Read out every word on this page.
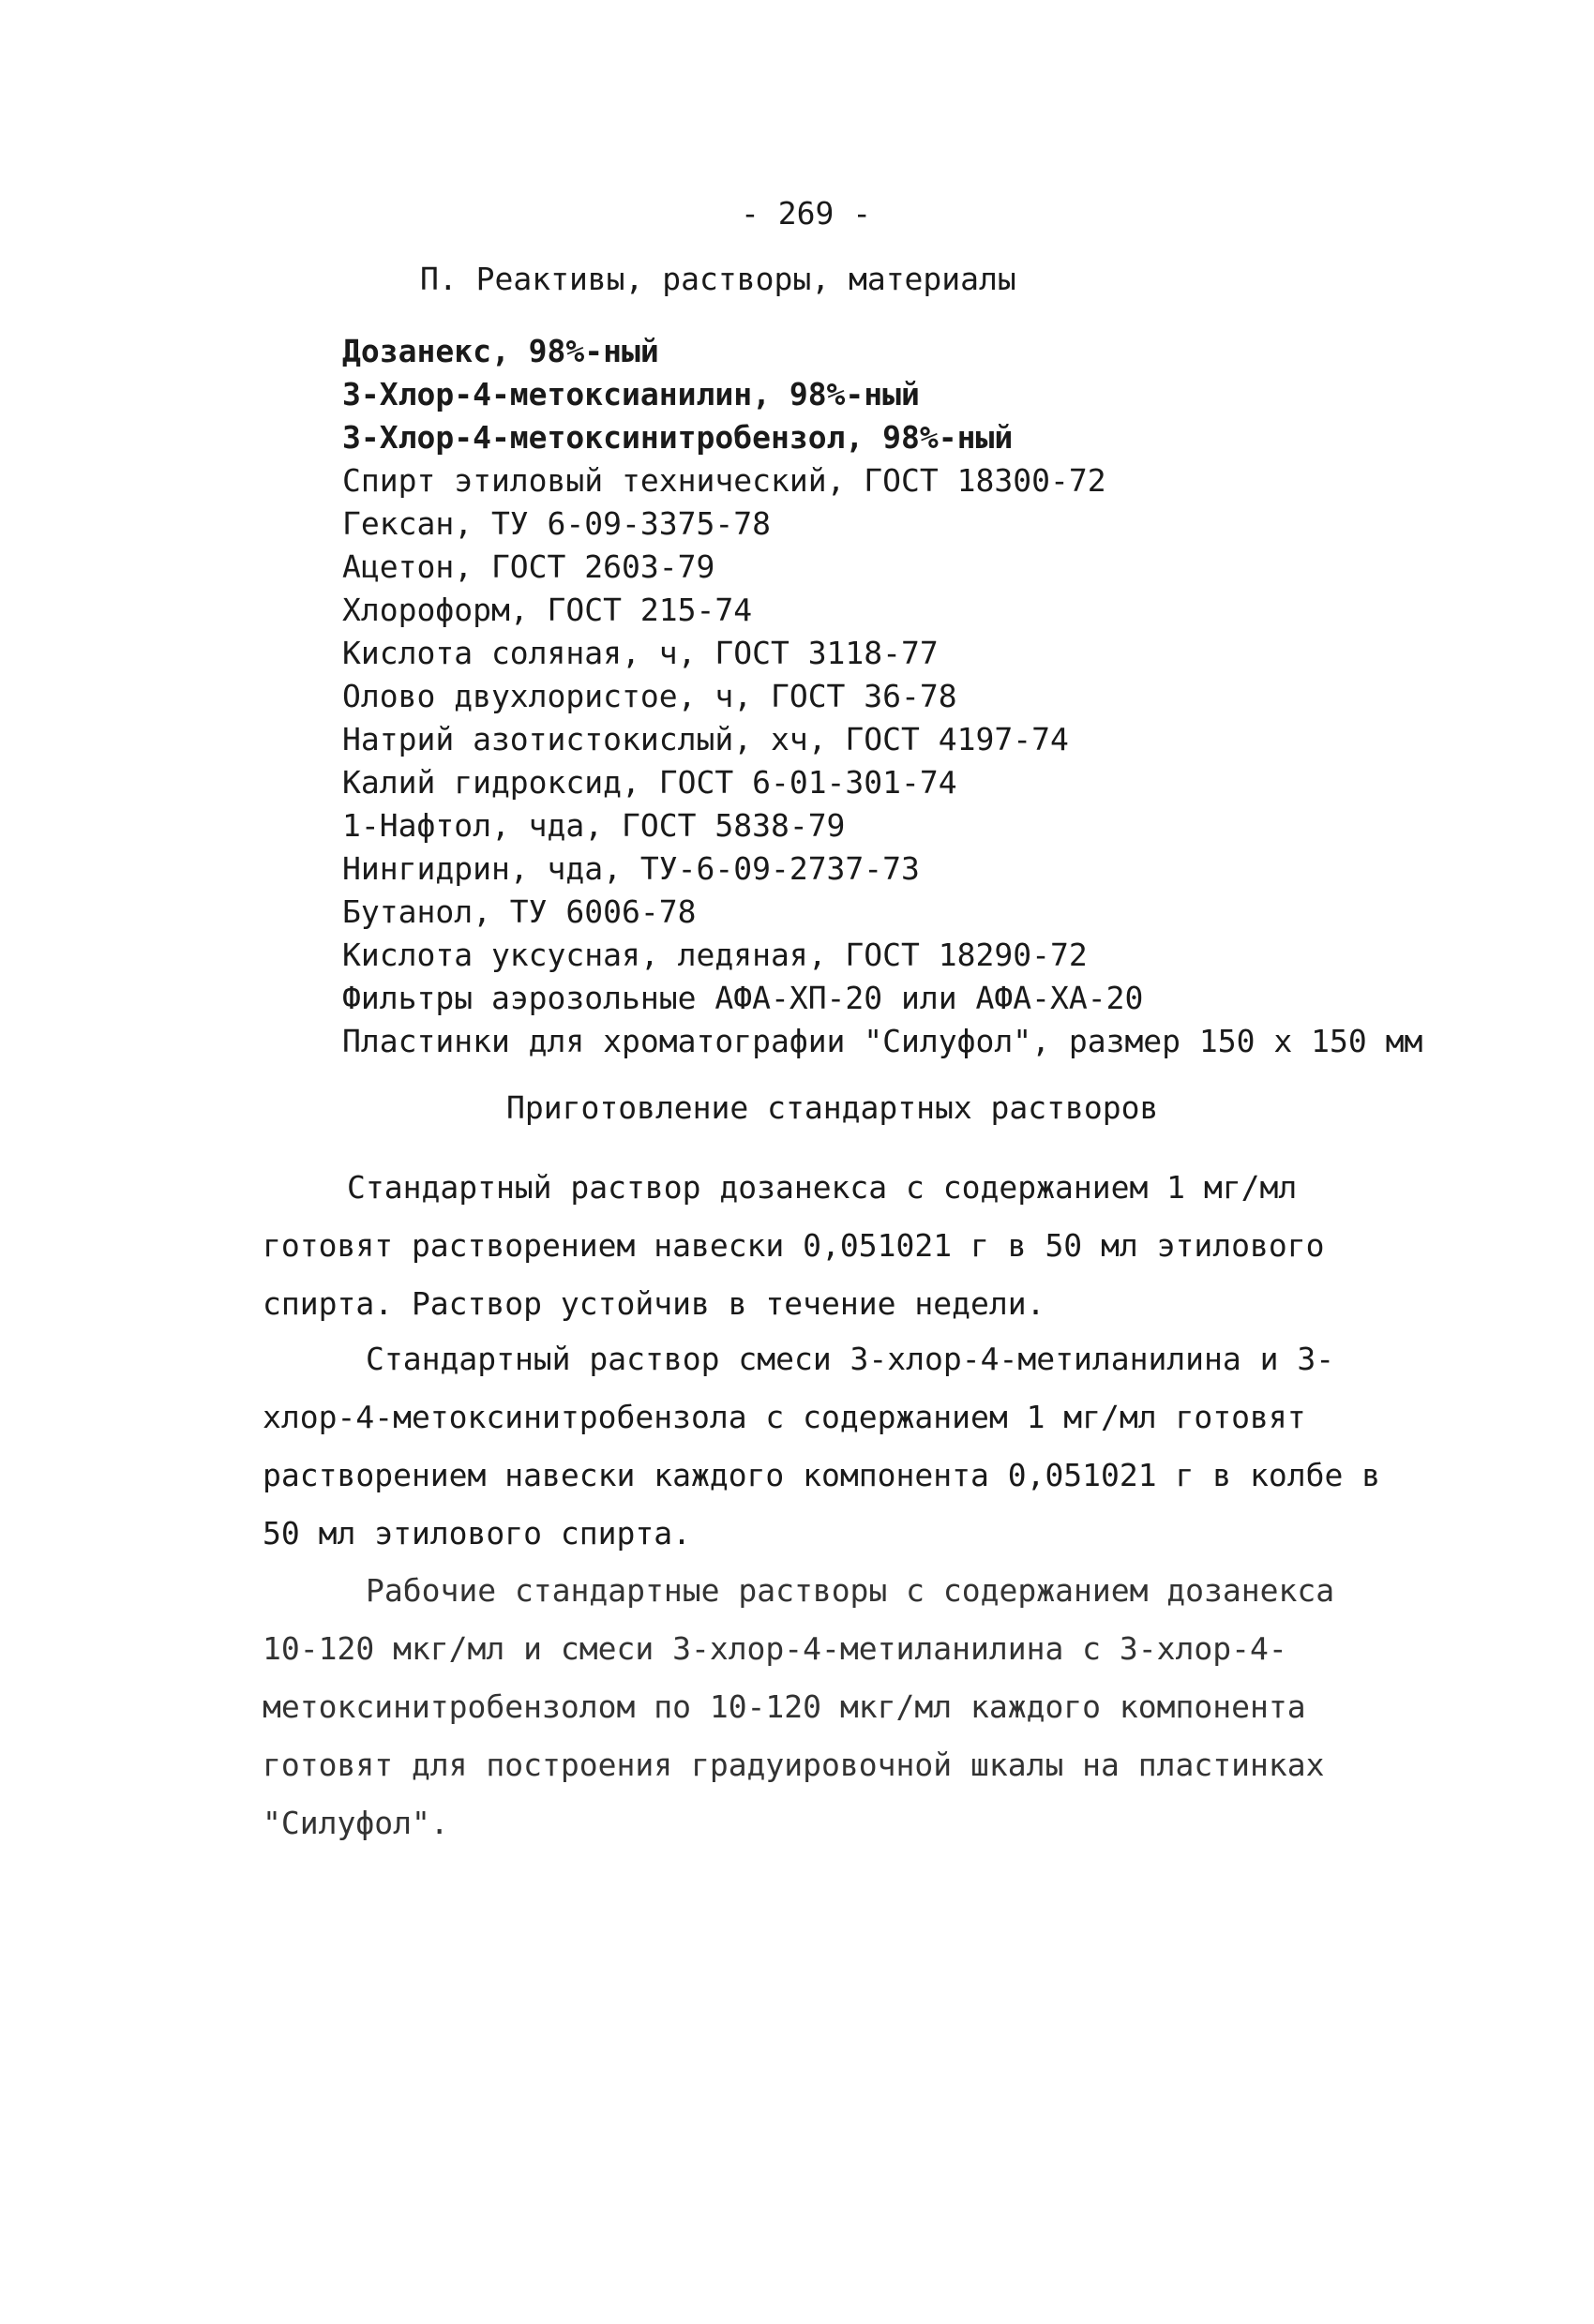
- 269 -
П. Реактивы, растворы, материалы
Дозанекс, 98%-ный
3-Хлор-4-метоксианилин, 98%-ный
3-Хлор-4-метоксинитробензол, 98%-ный
Спирт этиловый технический, ГОСТ 18300-72
Гексан, ТУ 6-09-3375-78
Ацетон, ГОСТ 2603-79
Хлороформ, ГОСТ 215-74
Кислота соляная, ч, ГОСТ 3118-77
Олово двухлористое, ч, ГОСТ 36-78
Натрий азотистокислый, хч, ГОСТ 4197-74
Калий гидроксид, ГОСТ 6-01-301-74
1-Нафтол, чда, ГОСТ 5838-79
Нингидрин, чда, ТУ-6-09-2737-73
Бутанол, ТУ 6006-78
Кислота уксусная, ледяная, ГОСТ 18290-72
Фильтры аэрозольные АФА-ХП-20 или АФА-ХА-20
Пластинки для хроматографии "Силуфол", размер 150 х 150 мм
Приготовление стандартных растворов

Стандартный раствор дозанекса с содержанием 1 мг/мл готовят растворением навески 0,051021 г в 50 мл этилового спирта. Раствор устойчив в течение недели.

Стандартный раствор смеси 3-хлор-4-метиланилина и 3-хлор-4-метоксинитробензола с содержанием 1 мг/мл готовят растворением навески каждого компонента 0,051021 г в колбе в 50 мл этилового спирта.

Рабочие стандартные растворы с содержанием дозанекса 10-120 мкг/мл и смеси 3-хлор-4-метиланилина с 3-хлор-4-метоксинитробензолом по 10-120 мкг/мл каждого компонента готовят для построения градуировочной шкалы на пластинках "Силуфол".
